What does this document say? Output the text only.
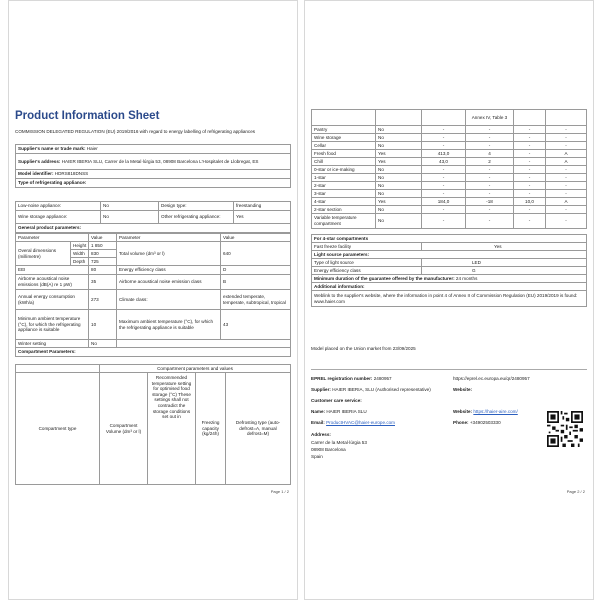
Product Information Sheet
COMMISSION DELEGATED REGULATION (EU) 2019/2016 with regard to energy labelling of refrigerating appliances
Supplier's name or trade mark: Haier
Supplier's address: HAIER IBERIA SLU, Carrer de la Metal·lúrgia 53, 08908 Barcelona L'Hospitalet de Llobregat, ES
Model identifier: HDRS818DNSS
Type of refrigerating appliance:
Low-noise appliance:	No	Design type:	freestanding
Wine storage appliance:	No	Other refrigerating appliance:	Yes
General product parameters:			
Parameter		Value	Parameter	Value
Overal dimensions (millimetre)	Height	1 850	Total volume (dm³ or l)	640
	Width	830		
	Depth	725		
EEI		80	Energy efficiency class	D
Airborne acoustical noise emissions (dB(A) re 1 pW)		35	Airborne acoustical noise emission class	B
Annual energy consumption (kWh/a)		273	Climate class:	extended temperate, temperate, subtropical, tropical
Minimum ambient temperature (°C), for which the refrigerating appliance is suitable		10	Maximum ambient temperature (°C), for which the refrigerating appliance is suitable	43
Winter setting		No		
Compartment Parameters:				
	Compartment parameters and values			
Compartment type	Compartment Volume (dm³ or l)	Recommended temperature setting for optimised food storage (°C) These settings shall not contradict the storage conditions set out in	Freezing capacity (kg/24h)	Defrosting type (auto-defrost=A, manual defrost=M)
Page 1 / 2
			Annex IV, Table 3		
Pantry	No	-	-	-	-
Wine storage	No	-	-	-	-
Cellar	No	-	-	-	-
Fresh food	Yes	413,0	4	-	A
Chill	Yes	43,0	2	-	A
0-star or ice-making	No	-	-	-	-
1-star	No	-	-	-	-
2-star	No	-	-	-	-
3-star	No	-	-	-	-
4-star	Yes	184,0	-18	10,0	A
2-star section	No	-	-	-	-
Variable temperature compartment	No	-	-	-	-
For 4-star compartments	
Fast freeze facility	Yes
Light source parameters:	
Type of light source	LED
Energy efficiency class	G
Minimum duration of the guarantee offered by the manufacturer: 24 months	
Additional information:	
Weblink to the supplier's website, where the information in point 4 of Annex II of Commission Regulation (EU) 2019/2019 is found: www.haier.com	
Model placed on the Union market from 23/09/2025
EPREL registration number: 2480957	https://eprel.ec.europa.eu/qr/2480957
Supplier: HAIER IBERIA, SLU (Authorised representative)	Website:
Customer care service:
Name: HAIER IBERIA SLU	Website: https://haier-aire.com/
Email: ProductHVAC@haier-europe.com	Phone: +34902503330
Address:
Carrer de la Metal·lúrgia 53
08908 Barcelona
Spain
Page 2 / 2
